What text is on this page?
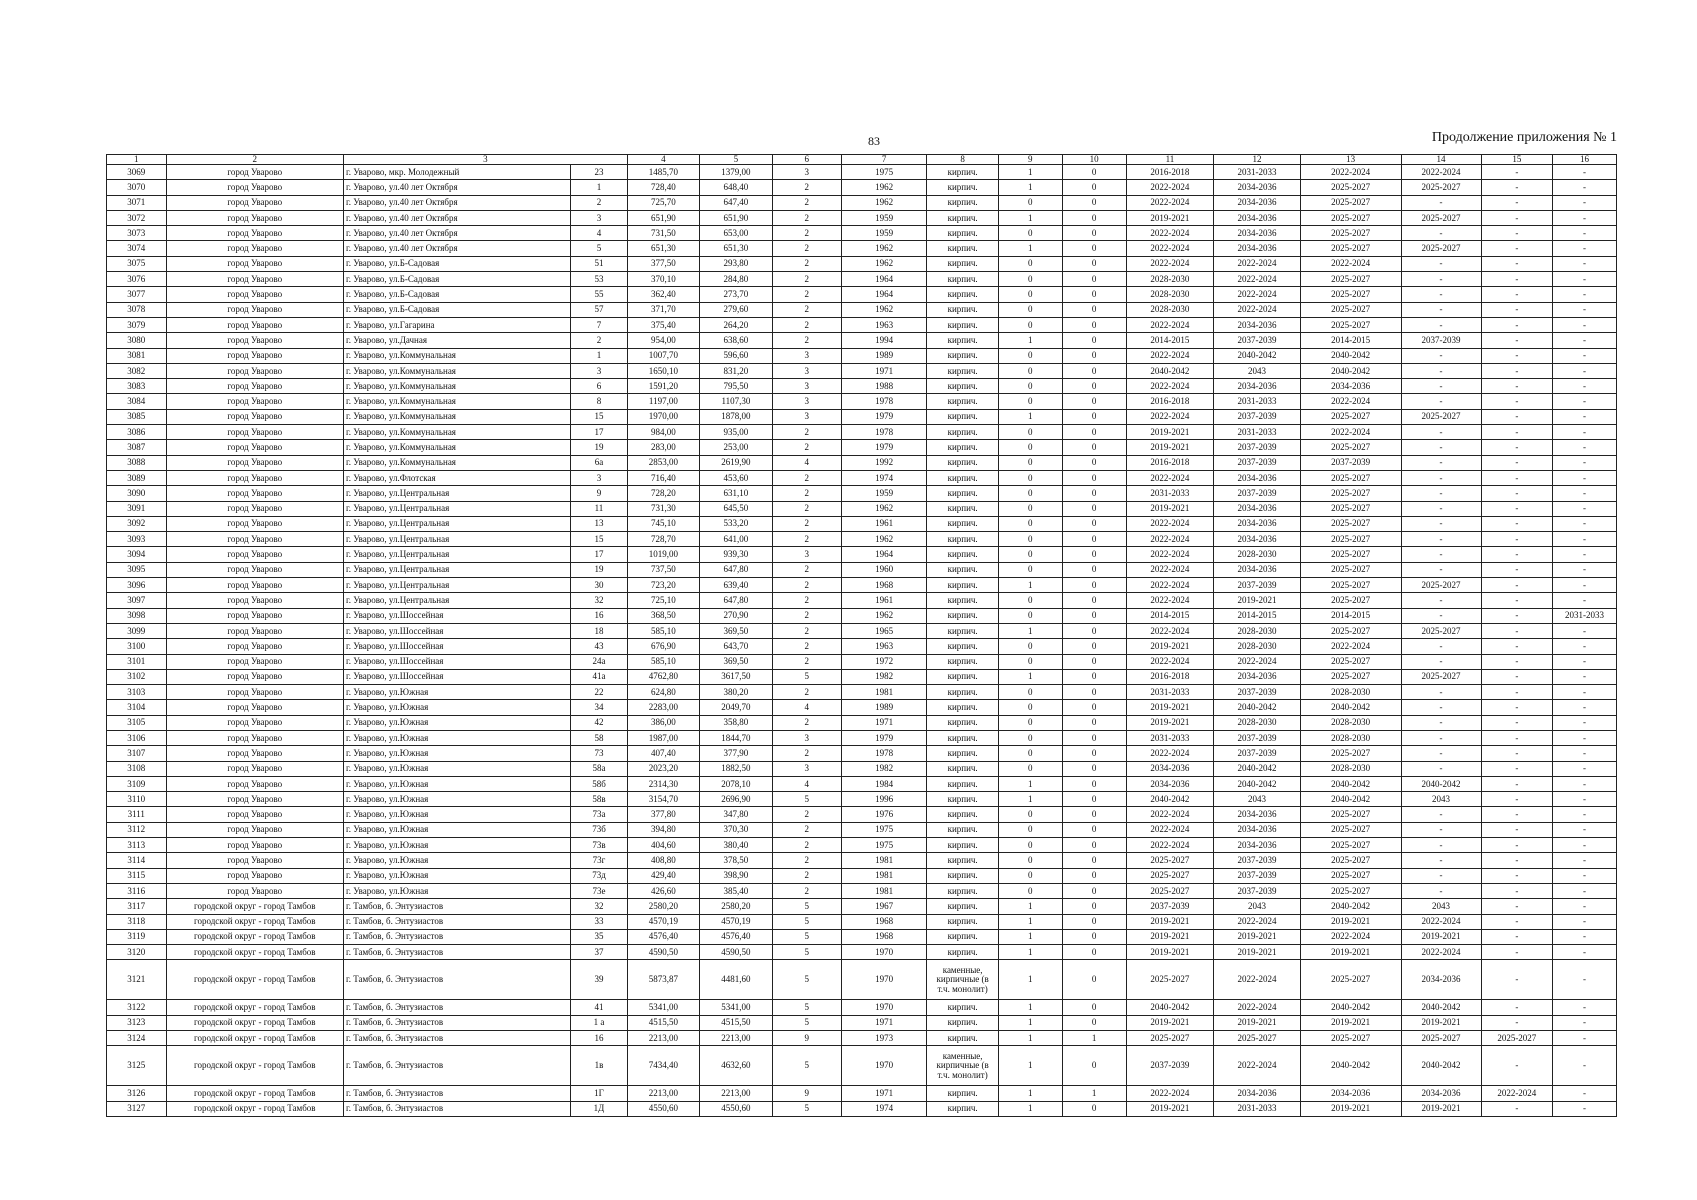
83	Продолжение приложения № 1
1	2	3		4	5	6	7	8	9	10	11	12	13	14	15	16
3069	город Уварово	г. Уварово, мкр. Молодежный	23	1485,70	1379,00	3	1975	кирпич.	1	0	2016-2018	2031-2033	2022-2024	2022-2024	-	-
3070	город Уварово	г. Уварово, ул.40 лет Октября	1	728,40	648,40	2	1962	кирпич.	1	0	2022-2024	2034-2036	2025-2027	2025-2027	-	-
3071	город Уварово	г. Уварово, ул.40 лет Октября	2	725,70	647,40	2	1962	кирпич.	0	0	2022-2024	2034-2036	2025-2027	-	-	-
3072	город Уварово	г. Уварово, ул.40 лет Октября	3	651,90	651,90	2	1959	кирпич.	1	0	2019-2021	2034-2036	2025-2027	2025-2027	-	-
3073	город Уварово	г. Уварово, ул.40 лет Октября	4	731,50	653,00	2	1959	кирпич.	0	0	2022-2024	2034-2036	2025-2027	-	-	-
3074	город Уварово	г. Уварово, ул.40 лет Октября	5	651,30	651,30	2	1962	кирпич.	1	0	2022-2024	2034-2036	2025-2027	2025-2027	-	-
3075	город Уварово	г. Уварово, ул.Б-Садовая	51	377,50	293,80	2	1962	кирпич.	0	0	2022-2024	2022-2024	2022-2024	-	-	-
3076	город Уварово	г. Уварово, ул.Б-Садовая	53	370,10	284,80	2	1964	кирпич.	0	0	2028-2030	2022-2024	2025-2027	-	-	-
3077	город Уварово	г. Уварово, ул.Б-Садовая	55	362,40	273,70	2	1964	кирпич.	0	0	2028-2030	2022-2024	2025-2027	-	-	-
3078	город Уварово	г. Уварово, ул.Б-Садовая	57	371,70	279,60	2	1962	кирпич.	0	0	2028-2030	2022-2024	2025-2027	-	-	-
3079	город Уварово	г. Уварово, ул.Гагарина	7	375,40	264,20	2	1963	кирпич.	0	0	2022-2024	2034-2036	2025-2027	-	-	-
3080	город Уварово	г. Уварово, ул.Дачная	2	954,00	638,60	2	1994	кирпич.	1	0	2014-2015	2037-2039	2014-2015	2037-2039	-	-
3081	город Уварово	г. Уварово, ул.Коммунальная	1	1007,70	596,60	3	1989	кирпич.	0	0	2022-2024	2040-2042	2040-2042	-	-	-
3082	город Уварово	г. Уварово, ул.Коммунальная	3	1650,10	831,20	3	1971	кирпич.	0	0	2040-2042	2043	2040-2042	-	-	-
3083	город Уварово	г. Уварово, ул.Коммунальная	6	1591,20	795,50	3	1988	кирпич.	0	0	2022-2024	2034-2036	2034-2036	-	-	-
3084	город Уварово	г. Уварово, ул.Коммунальная	8	1197,00	1107,30	3	1978	кирпич.	0	0	2016-2018	2031-2033	2022-2024	-	-	-
3085	город Уварово	г. Уварово, ул.Коммунальная	15	1970,00	1878,00	3	1979	кирпич.	1	0	2022-2024	2037-2039	2025-2027	2025-2027	-	-
3086	город Уварово	г. Уварово, ул.Коммунальная	17	984,00	935,00	2	1978	кирпич.	0	0	2019-2021	2031-2033	2022-2024	-	-	-
3087	город Уварово	г. Уварово, ул.Коммунальная	19	283,00	253,00	2	1979	кирпич.	0	0	2019-2021	2037-2039	2025-2027	-	-	-
3088	город Уварово	г. Уварово, ул.Коммунальная	6а	2853,00	2619,90	4	1992	кирпич.	0	0	2016-2018	2037-2039	2037-2039	-	-	-
3089	город Уварово	г. Уварово, ул.Флотская	3	716,40	453,60	2	1974	кирпич.	0	0	2022-2024	2034-2036	2025-2027	-	-	-
3090	город Уварово	г. Уварово, ул.Центральная	9	728,20	631,10	2	1959	кирпич.	0	0	2031-2033	2037-2039	2025-2027	-	-	-
3091	город Уварово	г. Уварово, ул.Центральная	11	731,30	645,50	2	1962	кирпич.	0	0	2019-2021	2034-2036	2025-2027	-	-	-
3092	город Уварово	г. Уварово, ул.Центральная	13	745,10	533,20	2	1961	кирпич.	0	0	2022-2024	2034-2036	2025-2027	-	-	-
3093	город Уварово	г. Уварово, ул.Центральная	15	728,70	641,00	2	1962	кирпич.	0	0	2022-2024	2034-2036	2025-2027	-	-	-
3094	город Уварово	г. Уварово, ул.Центральная	17	1019,00	939,30	3	1964	кирпич.	0	0	2022-2024	2028-2030	2025-2027	-	-	-
3095	город Уварово	г. Уварово, ул.Центральная	19	737,50	647,80	2	1960	кирпич.	0	0	2022-2024	2034-2036	2025-2027	-	-	-
3096	город Уварово	г. Уварово, ул.Центральная	30	723,20	639,40	2	1968	кирпич.	1	0	2022-2024	2037-2039	2025-2027	2025-2027	-	-
3097	город Уварово	г. Уварово, ул.Центральная	32	725,10	647,80	2	1961	кирпич.	0	0	2022-2024	2019-2021	2025-2027	-	-	-
3098	город Уварово	г. Уварово, ул.Шоссейная	16	368,50	270,90	2	1962	кирпич.	0	0	2014-2015	2014-2015	2014-2015	-	-	2031-2033
3099	город Уварово	г. Уварово, ул.Шоссейная	18	585,10	369,50	2	1965	кирпич.	1	0	2022-2024	2028-2030	2025-2027	2025-2027	-	-
3100	город Уварово	г. Уварово, ул.Шоссейная	43	676,90	643,70	2	1963	кирпич.	0	0	2019-2021	2028-2030	2022-2024	-	-	-
3101	город Уварово	г. Уварово, ул.Шоссейная	24а	585,10	369,50	2	1972	кирпич.	0	0	2022-2024	2022-2024	2025-2027	-	-	-
3102	город Уварово	г. Уварово, ул.Шоссейная	41а	4762,80	3617,50	5	1982	кирпич.	1	0	2016-2018	2034-2036	2025-2027	2025-2027	-	-
3103	город Уварово	г. Уварово, ул.Южная	22	624,80	380,20	2	1981	кирпич.	0	0	2031-2033	2037-2039	2028-2030	-	-	-
3104	город Уварово	г. Уварово, ул.Южная	34	2283,00	2049,70	4	1989	кирпич.	0	0	2019-2021	2040-2042	2040-2042	-	-	-
3105	город Уварово	г. Уварово, ул.Южная	42	386,00	358,80	2	1971	кирпич.	0	0	2019-2021	2028-2030	2028-2030	-	-	-
3106	город Уварово	г. Уварово, ул.Южная	58	1987,00	1844,70	3	1979	кирпич.	0	0	2031-2033	2037-2039	2028-2030	-	-	-
3107	город Уварово	г. Уварово, ул.Южная	73	407,40	377,90	2	1978	кирпич.	0	0	2022-2024	2037-2039	2025-2027	-	-	-
3108	город Уварово	г. Уварово, ул.Южная	58а	2023,20	1882,50	3	1982	кирпич.	0	0	2034-2036	2040-2042	2028-2030	-	-	-
3109	город Уварово	г. Уварово, ул.Южная	58б	2314,30	2078,10	4	1984	кирпич.	1	0	2034-2036	2040-2042	2040-2042	2040-2042	-	-
3110	город Уварово	г. Уварово, ул.Южная	58в	3154,70	2696,90	5	1996	кирпич.	1	0	2040-2042	2043	2040-2042	2043	-	-
3111	город Уварово	г. Уварово, ул.Южная	73а	377,80	347,80	2	1976	кирпич.	0	0	2022-2024	2034-2036	2025-2027	-	-	-
3112	город Уварово	г. Уварово, ул.Южная	73б	394,80	370,30	2	1975	кирпич.	0	0	2022-2024	2034-2036	2025-2027	-	-	-
3113	город Уварово	г. Уварово, ул.Южная	73в	404,60	380,40	2	1975	кирпич.	0	0	2022-2024	2034-2036	2025-2027	-	-	-
3114	город Уварово	г. Уварово, ул.Южная	73г	408,80	378,50	2	1981	кирпич.	0	0	2025-2027	2037-2039	2025-2027	-	-	-
3115	город Уварово	г. Уварово, ул.Южная	73д	429,40	398,90	2	1981	кирпич.	0	0	2025-2027	2037-2039	2025-2027	-	-	-
3116	город Уварово	г. Уварово, ул.Южная	73е	426,60	385,40	2	1981	кирпич.	0	0	2025-2027	2037-2039	2025-2027	-	-	-
3117	городской округ - город Тамбов	г. Тамбов, б. Энтузиастов	32	2580,20	2580,20	5	1967	кирпич.	1	0	2037-2039	2043	2040-2042	2043	-	-
3118	городской округ - город Тамбов	г. Тамбов, б. Энтузиастов	33	4570,19	4570,19	5	1968	кирпич.	1	0	2019-2021	2022-2024	2019-2021	2022-2024	-	-
3119	городской округ - город Тамбов	г. Тамбов, б. Энтузиастов	35	4576,40	4576,40	5	1968	кирпич.	1	0	2019-2021	2019-2021	2022-2024	2019-2021	-	-
3120	городской округ - город Тамбов	г. Тамбов, б. Энтузиастов	37	4590,50	4590,50	5	1970	кирпич.	1	0	2019-2021	2019-2021	2019-2021	2022-2024	-	-
3121	городской округ - город Тамбов	г. Тамбов, б. Энтузиастов	39	5873,87	4481,60	5	1970	каменные, кирпичные (в т.ч. монолит)	1	0	2025-2027	2022-2024	2025-2027	2034-2036	-	-
3122	городской округ - город Тамбов	г. Тамбов, б. Энтузиастов	41	5341,00	5341,00	5	1970	кирпич.	1	0	2040-2042	2022-2024	2040-2042	2040-2042	-	-
3123	городской округ - город Тамбов	г. Тамбов, б. Энтузиастов	1 а	4515,50	4515,50	5	1971	кирпич.	1	0	2019-2021	2019-2021	2019-2021	2019-2021	-	-
3124	городской округ - город Тамбов	г. Тамбов, б. Энтузиастов	16	2213,00	2213,00	9	1973	кирпич.	1	1	2025-2027	2025-2027	2025-2027	2025-2027	2025-2027	-
3125	городской округ - город Тамбов	г. Тамбов, б. Энтузиастов	1в	7434,40	4632,60	5	1970	каменные, кирпичные (в т.ч. монолит)	1	0	2037-2039	2022-2024	2040-2042	2040-2042	-	-
3126	городской округ - город Тамбов	г. Тамбов, б. Энтузиастов	1Г	2213,00	2213,00	9	1971	кирпич.	1	1	2022-2024	2034-2036	2034-2036	2034-2036	2022-2024	-
3127	городской округ - город Тамбов	г. Тамбов, б. Энтузиастов	1Д	4550,60	4550,60	5	1974	кирпич.	1	0	2019-2021	2031-2033	2019-2021	2019-2021	-	-
